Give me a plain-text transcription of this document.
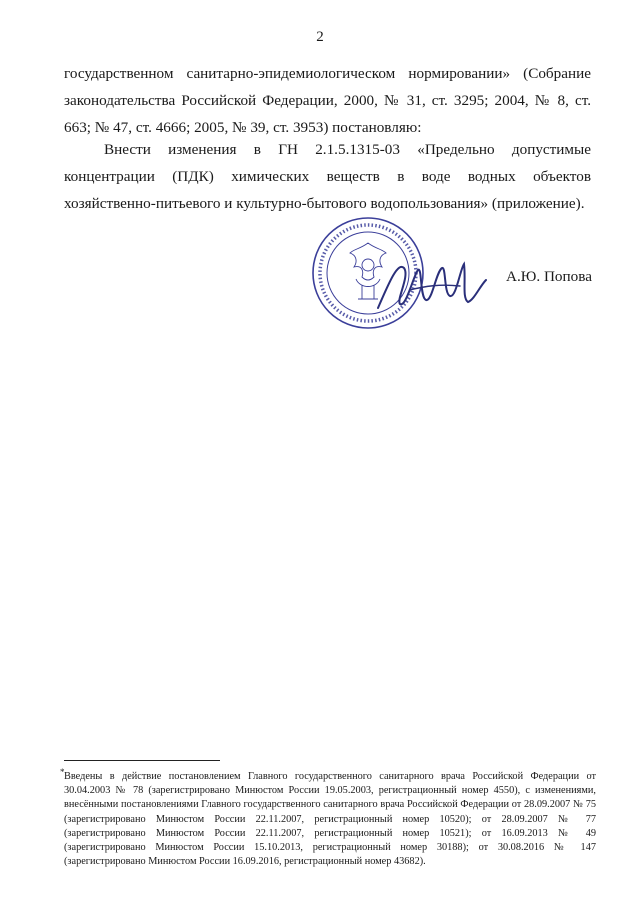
2

государственном санитарно-эпидемиологическом нормировании» (Собрание законодательства Российской Федерации, 2000, № 31, ст. 3295; 2004, № 8, ст. 663; № 47, ст. 4666; 2005, № 39, ст. 3953) постановляю:

Внести изменения в ГН 2.1.5.1315-03 «Предельно допустимые концентрации (ПДК) химических веществ в воде водных объектов хозяйственно-питьевого и культурно-бытового водопользования» (приложение).

А.Ю. Попова

* Введены в действие постановлением Главного государственного санитарного врача Российской Федерации от 30.04.2003 № 78 (зарегистрировано Минюстом России 19.05.2003, регистрационный номер 4550), с изменениями, внесёнными постановлениями Главного государственного санитарного врача Российской Федерации от 28.09.2007 № 75 (зарегистрировано Минюстом России 22.11.2007, регистрационный номер 10520); от 28.09.2007 № 77 (зарегистрировано Минюстом России 22.11.2007, регистрационный номер 10521); от 16.09.2013 № 49 (зарегистрировано Минюстом России 15.10.2013, регистрационный номер 30188); от 30.08.2016 № 147 (зарегистрировано Минюстом России 16.09.2016, регистрационный номер 43682).
